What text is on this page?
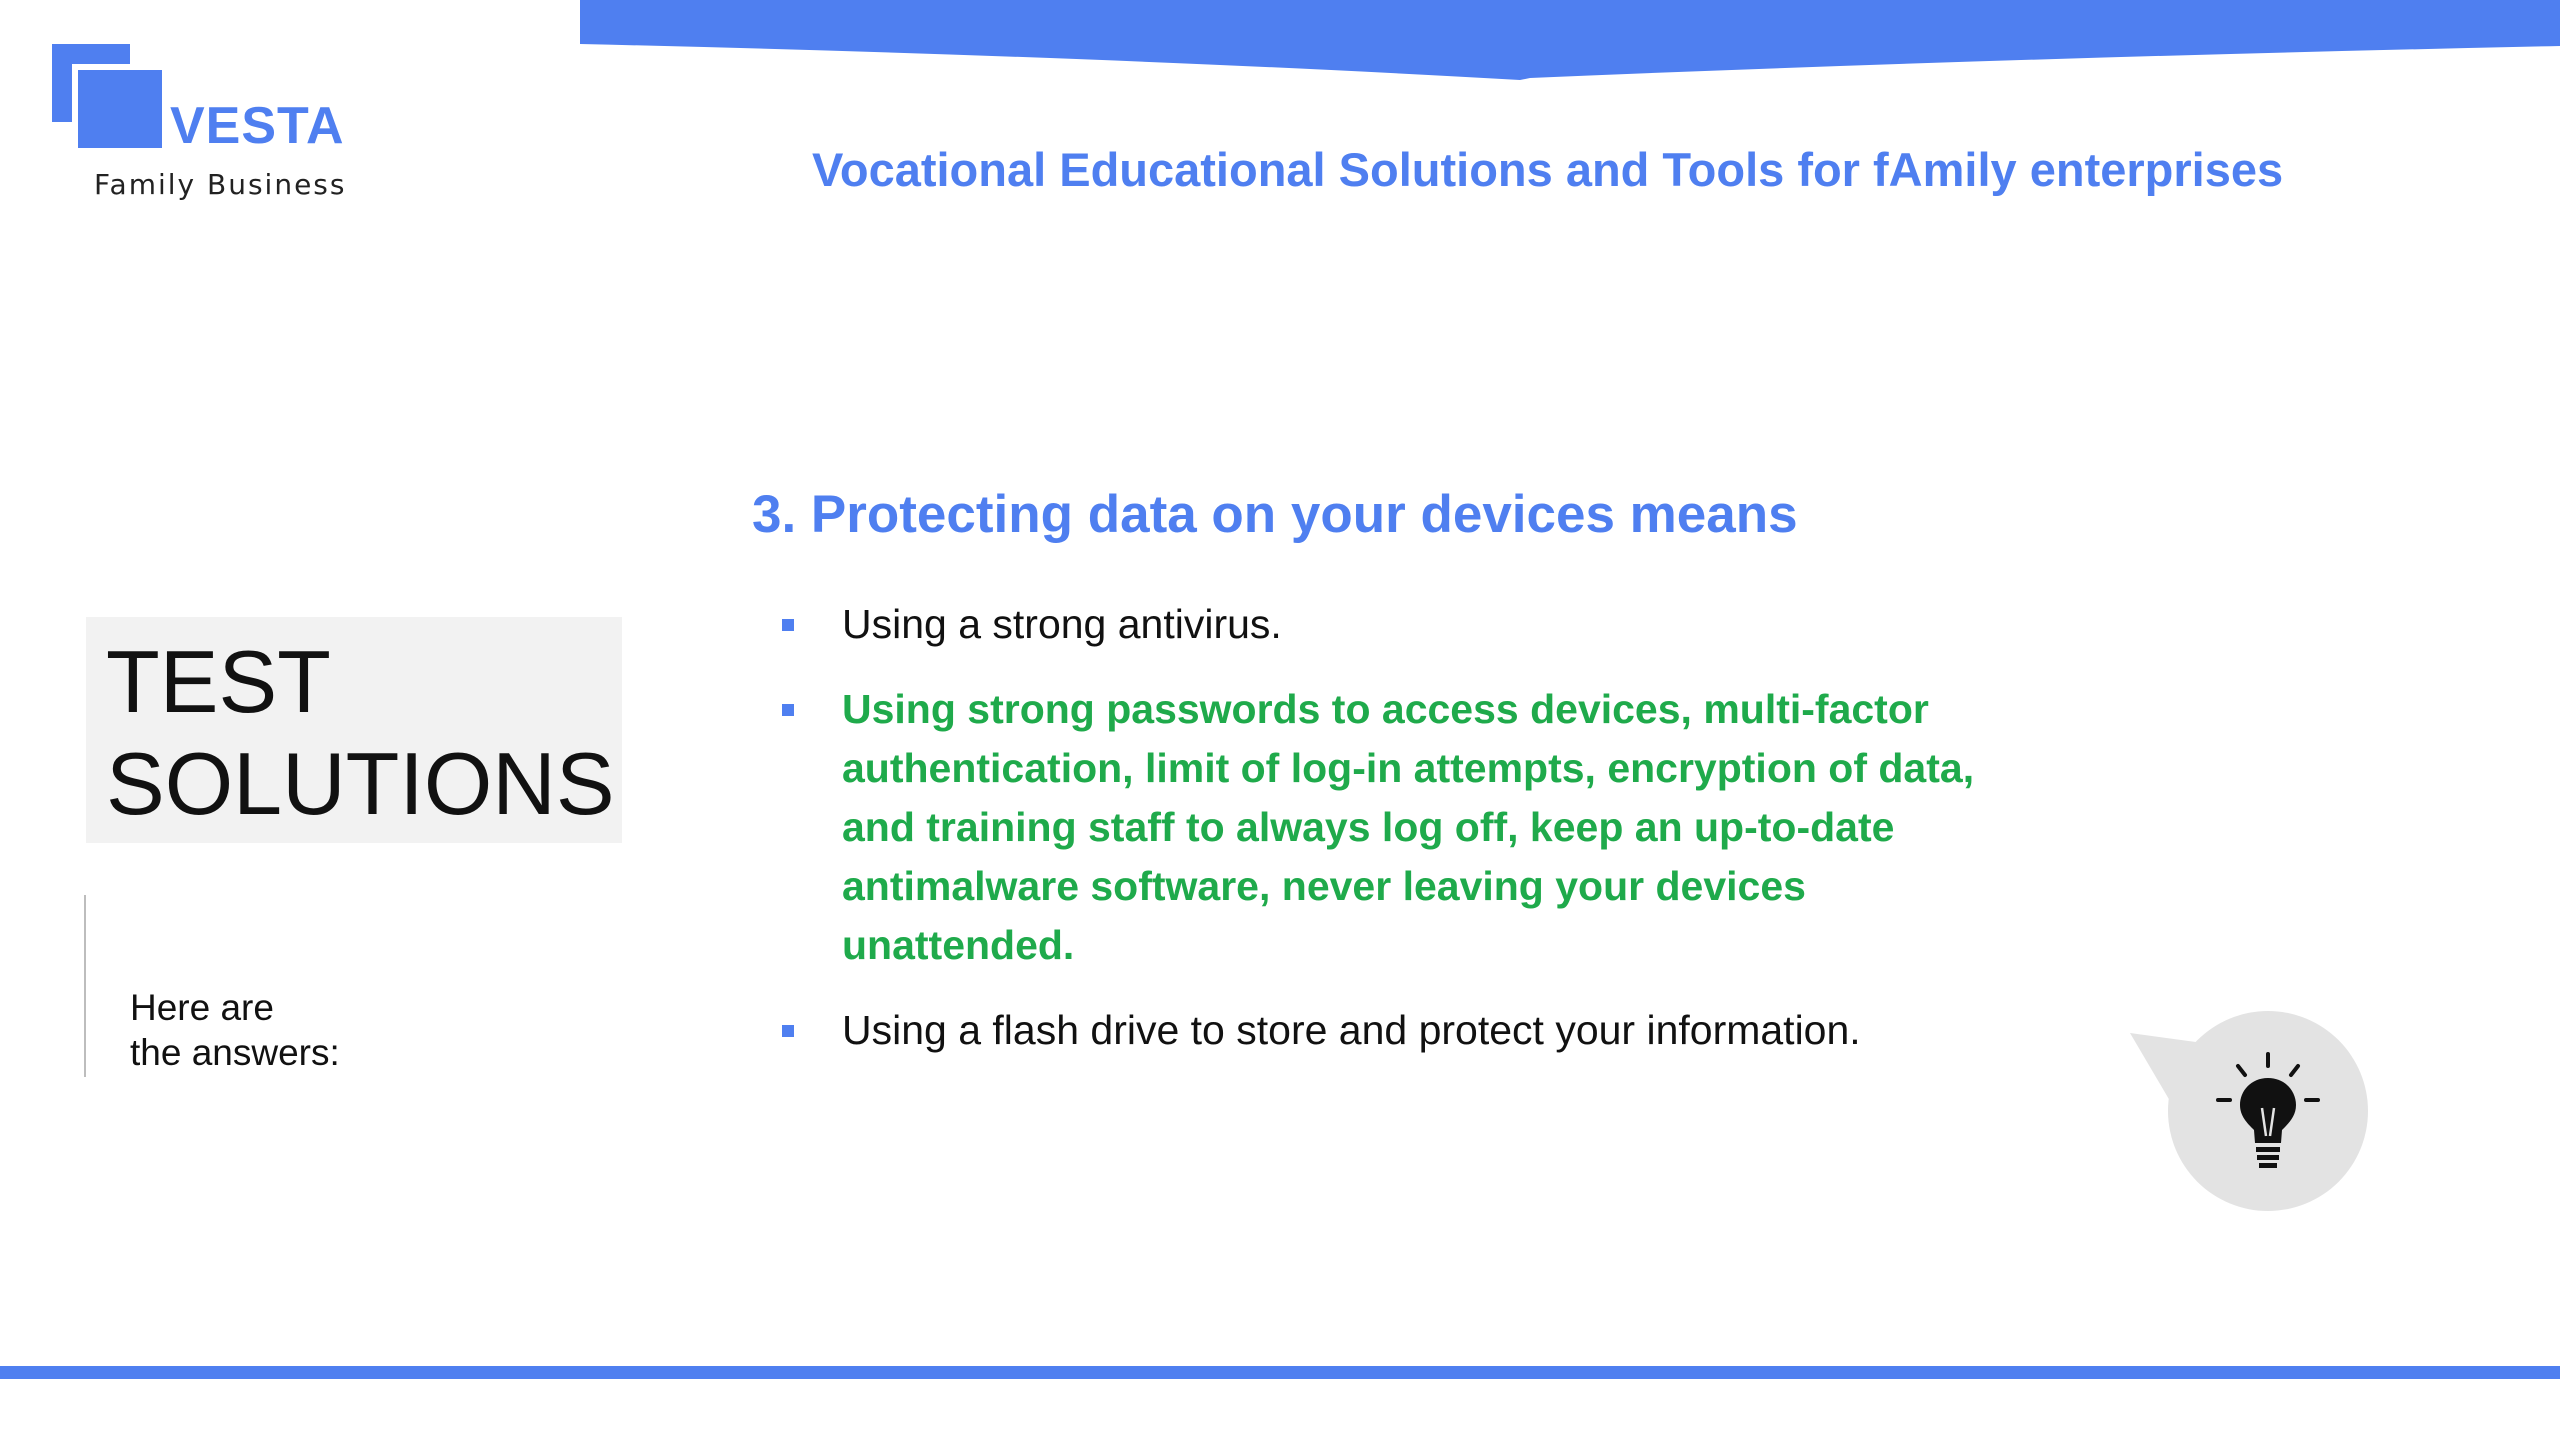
VESTA
Family Business	Vocational Educational Solutions and Tools for fAmily enterprises
TEST
SOLUTIONS
Here are
the answers:
3. Protecting data on your devices means
Using a strong antivirus.
Using strong passwords to access devices, multi-factor authentication, limit of log-in attempts, encryption of data, and training staff to always log off, keep an up-to-date antimalware software, never leaving your devices unattended.
Using a flash drive to store and protect your information.
